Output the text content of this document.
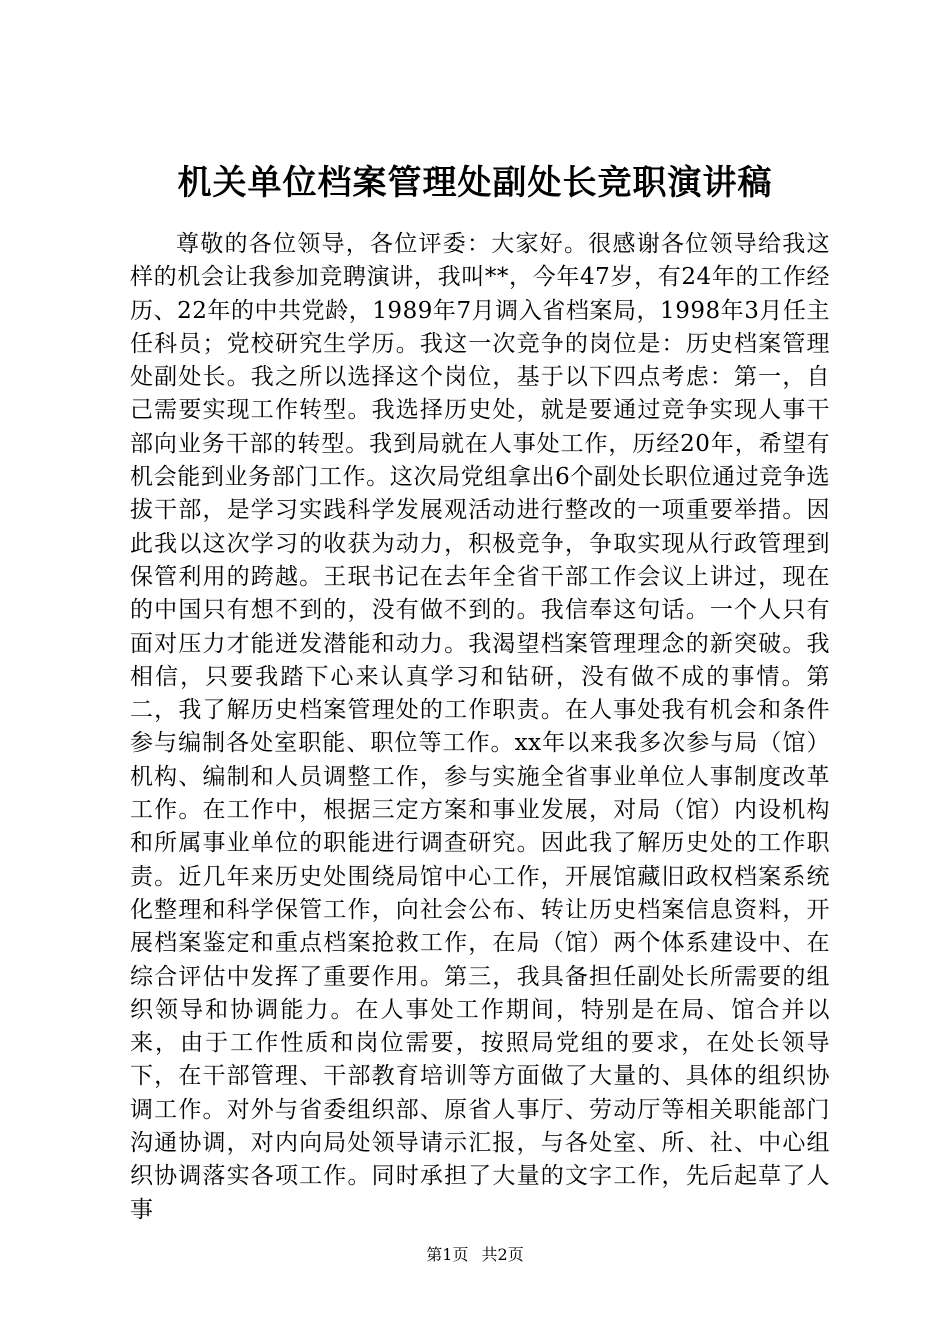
机关单位档案管理处副处长竞职演讲稿

尊敬的各位领导，各位评委：大家好。很感谢各位领导给我这样的机会让我参加竞聘演讲，我叫**，今年47岁，有24年的工作经历、22年的中共党龄，1989年7月调入省档案局，1998年3月任主任科员；党校研究生学历。我这一次竞争的岗位是：历史档案管理处副处长。我之所以选择这个岗位，基于以下四点考虑：第一，自己需要实现工作转型。我选择历史处，就是要通过竞争实现人事干部向业务干部的转型。我到局就在人事处工作，历经20年，希望有机会能到业务部门工作。这次局党组拿出6个副处长职位通过竞争选拔干部，是学习实践科学发展观活动进行整改的一项重要举措。因此我以这次学习的收获为动力，积极竞争，争取实现从行政管理到保管利用的跨越。王珉书记在去年全省干部工作会议上讲过，现在的中国只有想不到的，没有做不到的。我信奉这句话。一个人只有面对压力才能迸发潜能和动力。我渴望档案管理理念的新突破。我相信，只要我踏下心来认真学习和钻研，没有做不成的事情。第二，我了解历史档案管理处的工作职责。在人事处我有机会和条件参与编制各处室职能、职位等工作。xx年以来我多次参与局（馆）机构、编制和人员调整工作，参与实施全省事业单位人事制度改革工作。在工作中，根据三定方案和事业发展，对局（馆）内设机构和所属事业单位的职能进行调查研究。因此我了解历史处的工作职责。近几年来历史处围绕局馆中心工作，开展馆藏旧政权档案系统化整理和科学保管工作，向社会公布、转让历史档案信息资料，开展档案鉴定和重点档案抢救工作，在局（馆）两个体系建设中、在综合评估中发挥了重要作用。第三，我具备担任副处长所需要的组织领导和协调能力。在人事处工作期间，特别是在局、馆合并以来，由于工作性质和岗位需要，按照局党组的要求，在处长领导下，在干部管理、干部教育培训等方面做了大量的、具体的组织协调工作。对外与省委组织部、原省人事厅、劳动厅等相关职能部门沟通协调，对内向局处领导请示汇报，与各处室、所、社、中心组织协调落实各项工作。同时承担了大量的文字工作，先后起草了人事

第1页 共2页
